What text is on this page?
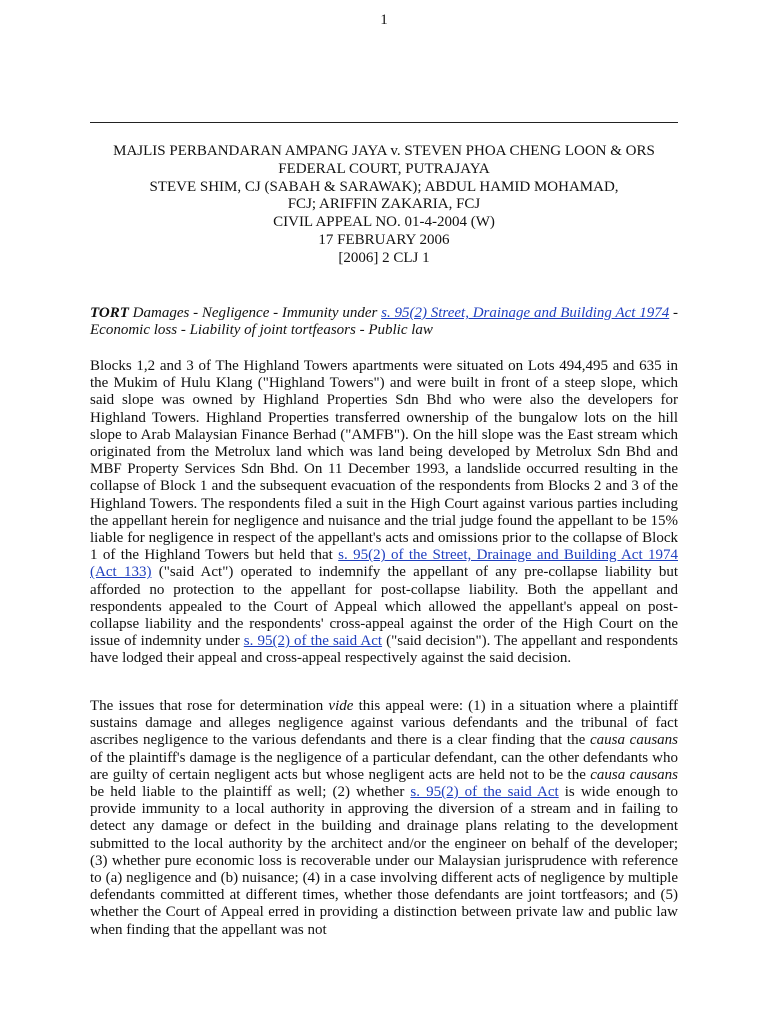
1
MAJLIS PERBANDARAN AMPANG JAYA v. STEVEN PHOA CHENG LOON & ORS
FEDERAL COURT, PUTRAJAYA
STEVE SHIM, CJ (SABAH & SARAWAK); ABDUL HAMID MOHAMAD,
FCJ; ARIFFIN ZAKARIA, FCJ
CIVIL APPEAL NO. 01-4-2004 (W)
17 FEBRUARY 2006
[2006] 2 CLJ 1
TORT Damages - Negligence - Immunity under s. 95(2) Street, Drainage and Building Act 1974 - Economic loss - Liability of joint tortfeasors - Public law
Blocks 1,2 and 3 of The Highland Towers apartments were situated on Lots 494,495 and 635 in the Mukim of Hulu Klang ("Highland Towers") and were built in front of a steep slope, which said slope was owned by Highland Properties Sdn Bhd who were also the developers for Highland Towers. Highland Properties transferred ownership of the bungalow lots on the hill slope to Arab Malaysian Finance Berhad ("AMFB"). On the hill slope was the East stream which originated from the Metrolux land which was land being developed by Metrolux Sdn Bhd and MBF Property Services Sdn Bhd. On 11 December 1993, a landslide occurred resulting in the collapse of Block 1 and the subsequent evacuation of the respondents from Blocks 2 and 3 of the Highland Towers. The respondents filed a suit in the High Court against various parties including the appellant herein for negligence and nuisance and the trial judge found the appellant to be 15% liable for negligence in respect of the appellant's acts and omissions prior to the collapse of Block 1 of the Highland Towers but held that s. 95(2) of the Street, Drainage and Building Act 1974 (Act 133) ("said Act") operated to indemnify the appellant of any pre-collapse liability but afforded no protection to the appellant for post-collapse liability. Both the appellant and respondents appealed to the Court of Appeal which allowed the appellant's appeal on post-collapse liability and the respondents' cross-appeal against the order of the High Court on the issue of indemnity under s. 95(2) of the said Act ("said decision"). The appellant and respondents have lodged their appeal and cross-appeal respectively against the said decision.
The issues that rose for determination vide this appeal were: (1) in a situation where a plaintiff sustains damage and alleges negligence against various defendants and the tribunal of fact ascribes negligence to the various defendants and there is a clear finding that the causa causans of the plaintiff's damage is the negligence of a particular defendant, can the other defendants who are guilty of certain negligent acts but whose negligent acts are held not to be the causa causans be held liable to the plaintiff as well; (2) whether s. 95(2) of the said Act is wide enough to provide immunity to a local authority in approving the diversion of a stream and in failing to detect any damage or defect in the building and drainage plans relating to the development submitted to the local authority by the architect and/or the engineer on behalf of the developer; (3) whether pure economic loss is recoverable under our Malaysian jurisprudence with reference to (a) negligence and (b) nuisance; (4) in a case involving different acts of negligence by multiple defendants committed at different times, whether those defendants are joint tortfeasors; and (5) whether the Court of Appeal erred in providing a distinction between private law and public law when finding that the appellant was not
